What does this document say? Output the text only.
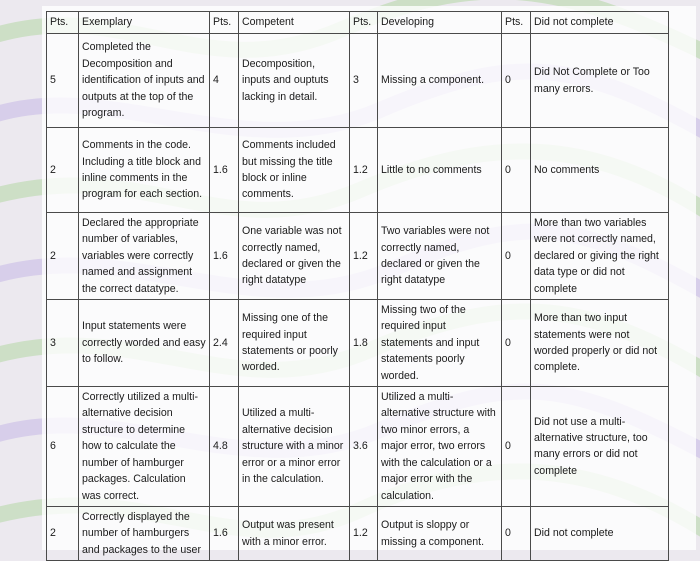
Pts.	Exemplary	Pts.	Competent	Pts.	Developing	Pts.	Did not complete
5	Completed the Decomposition and identification of inputs and outputs at the top of the program.	4	Decomposition, inputs and ouptuts lacking in detail.	3	Missing a component.	0	Did Not Complete or Too many errors.
2	Comments in the code. Including a title block and inline comments in the program for each section.	1.6	Comments included but missing the title block or inline comments.	1.2	Little to no comments	0	No comments
2	Declared the appropriate number of variables, variables were correctly named and assignment the correct datatype.	1.6	One variable was not correctly named, declared or given the right datatype	1.2	Two variables were not correctly named, declared or given the right datatype	0	More than two variables were not correctly named, declared or giving the right data type or did not complete
3	Input statements were correctly worded and easy to follow.	2.4	Missing one of the required input statements or poorly worded.	1.8	Missing two of the required input statements and input statements poorly worded.	0	More than two input statements were not worded properly or did not complete.
6	Correctly utilized a multi-alternative decision structure to determine how to calculate the number of hamburger packages. Calculation was correct.	4.8	Utilized a multi-alternative decision structure with a minor error or a minor error in the calculation.	3.6	Utilized a multi-alternative structure with two minor errors, a major error, two errors with the calculation or a major error with the calculation.	0	Did not use a multi-alternative structure, too many errors or did not complete
2	Correctly displayed the number of hamburgers and packages to the user	1.6	Output was present with a minor error.	1.2	Output is sloppy or missing a component.	0	Did not complete
